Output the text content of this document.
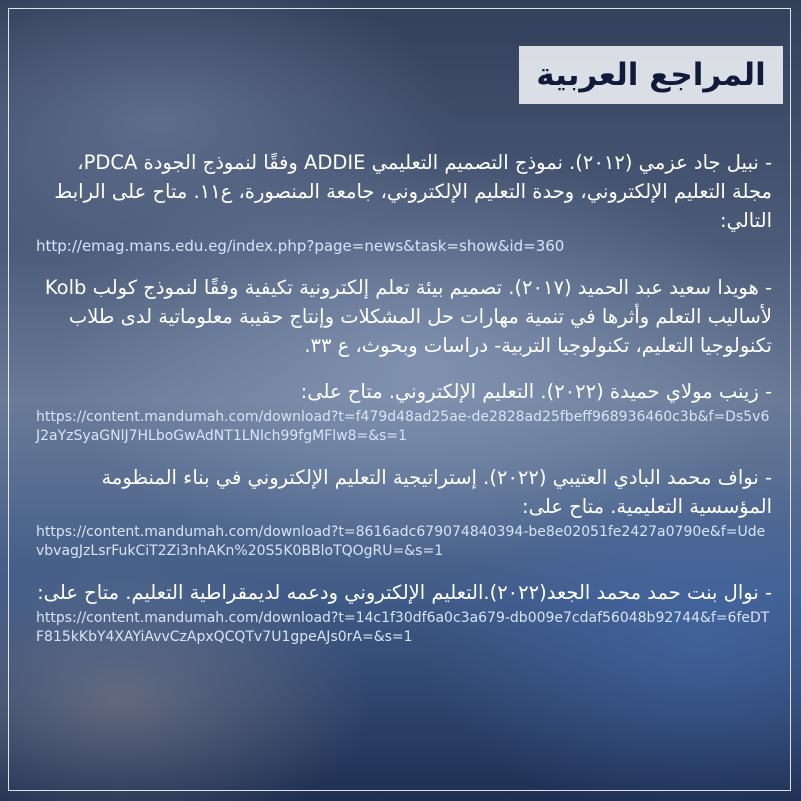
المراجع العربية
- نبيل جاد عزمي (٢٠١٢). نموذج التصميم التعليمي ADDIE وفقًا لنموذج الجودة PDCA، مجلة التعليم الإلكتروني، وحدة التعليم الإلكتروني، جامعة المنصورة، ع١١. متاح على الرابط التالي:
http://emag.mans.edu.eg/index.php?page=news&task=show&id=360
- هويدا سعيد عبد الحميد (٢٠١٧). تصميم بيئة تعلم إلكترونية تكيفية وفقًا لنموذج كولب Kolb لأساليب التعلم وأثرها في تنمية مهارات حل المشكلات وإنتاج حقيبة معلوماتية لدى طلاب تكنولوجيا التعليم، تكنولوجيا التربية- دراسات وبحوث، ع ٣٣.
- زينب مولاي حميدة (٢٠٢٢). التعليم الإلكتروني. متاح على:
https://content.mandumah.com/download?t=f479d48ad25ae-de2828ad25fbeff968936460c3b&f=Ds5v6J2aYzSyaGNlJ7HLboGwAdNT1LNlch99fgMFlw8=&s=1
- نواف محمد البادي العتيبي (٢٠٢٢). إستراتيجية التعليم الإلكتروني في بناء المنظومة المؤسسية التعليمية. متاح على:
https://content.mandumah.com/download?t=8616adc679074840394-be8e02051fe2427a0790e&f=UdevbvagJzLsrFukCiT2Zi3nhAKn%20S5K0BBloTQOgRU=&s=1
- نوال بنت حمد محمد الجعد(٢٠٢٢).التعليم الإلكتروني ودعمه لديمقراطية التعليم. متاح على:
https://content.mandumah.com/download?t=14c1f30df6a0c3a679-db009e7cdaf56048b92744&f=6feDTF815kKbY4XAYiAvvCzApxQCQTv7U1gpeAJs0rA=&s=1
